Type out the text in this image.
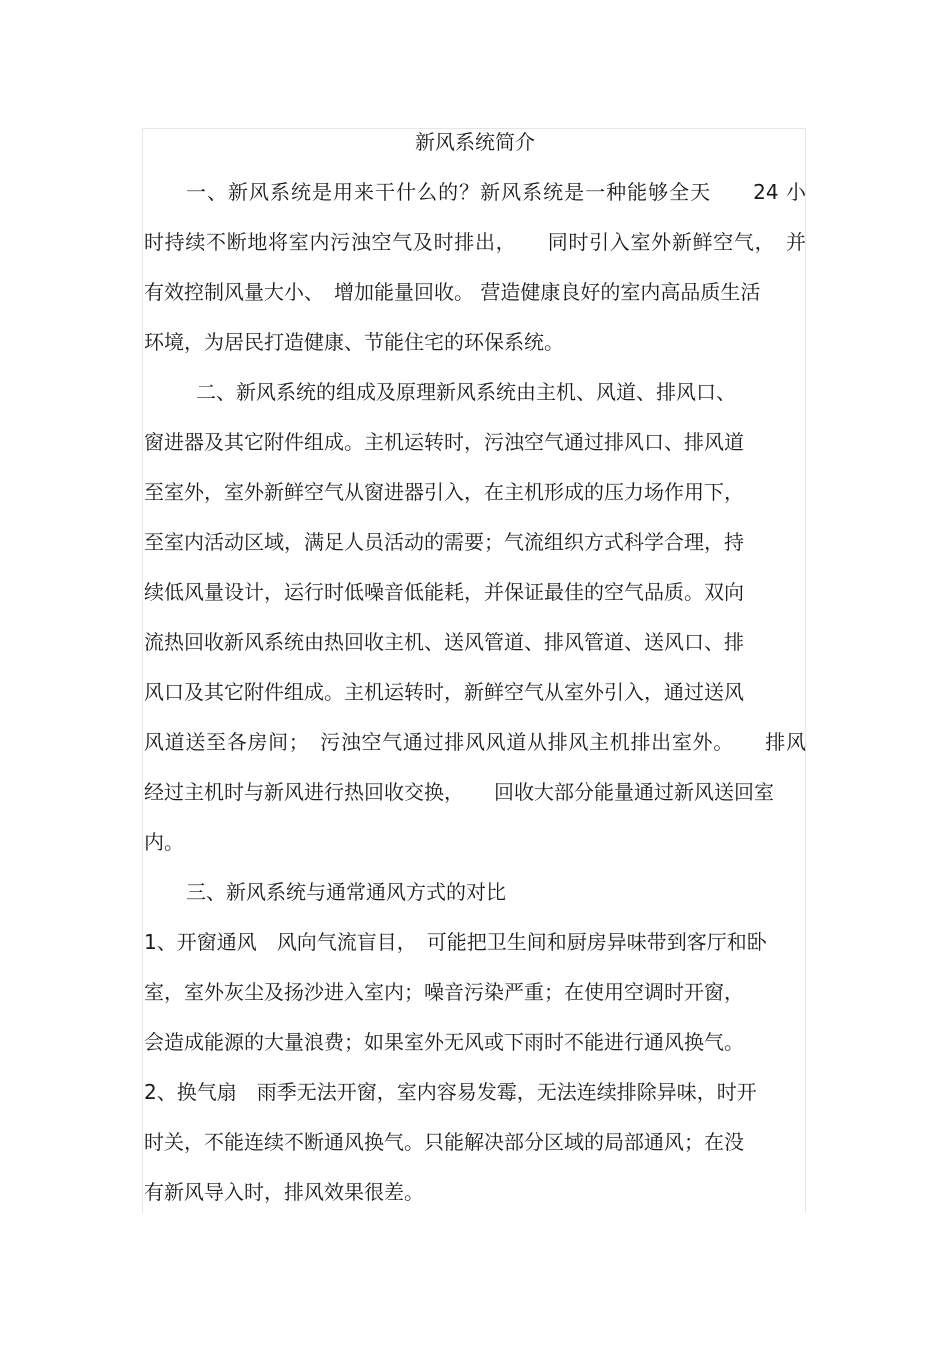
新风系统简介
一、新风系统是用来干什么的？新风系统是一种能够全天　　24 小
时持续不断地将室内污浊空气及时排出，　　同时引入室外新鲜空气，　并
有效控制风量大小、　增加能量回收。 营造健康良好的室内高品质生活
环境，为居民打造健康、节能住宅的环保系统。
二、新风系统的组成及原理新风系统由主机、风道、排风口、
窗进器及其它附件组成。主机运转时，污浊空气通过排风口、排风道
至室外，室外新鲜空气从窗进器引入，在主机形成的压力场作用下，
至室内活动区域，满足人员活动的需要；气流组织方式科学合理，持
续低风量设计，运行时低噪音低能耗，并保证最佳的空气品质。双向
流热回收新风系统由热回收主机、送风管道、排风管道、送风口、排
风口及其它附件组成。主机运转时，新鲜空气从室外引入，通过送风
风道送至各房间；　污浊空气通过排风风道从排风主机排出室外。　　排风
经过主机时与新风进行热回收交换，　　回收大部分能量通过新风送回室
内。
三、新风系统与通常通风方式的对比
1、开窗通风　风向气流盲目，　可能把卫生间和厨房异味带到客厅和卧
室，室外灰尘及扬沙进入室内；噪音污染严重；在使用空调时开窗，
会造成能源的大量浪费；如果室外无风或下雨时不能进行通风换气。
2、换气扇　雨季无法开窗，室内容易发霉，无法连续排除异味，时开
时关，不能连续不断通风换气。只能解决部分区域的局部通风；在没
有新风导入时，排风效果很差。
